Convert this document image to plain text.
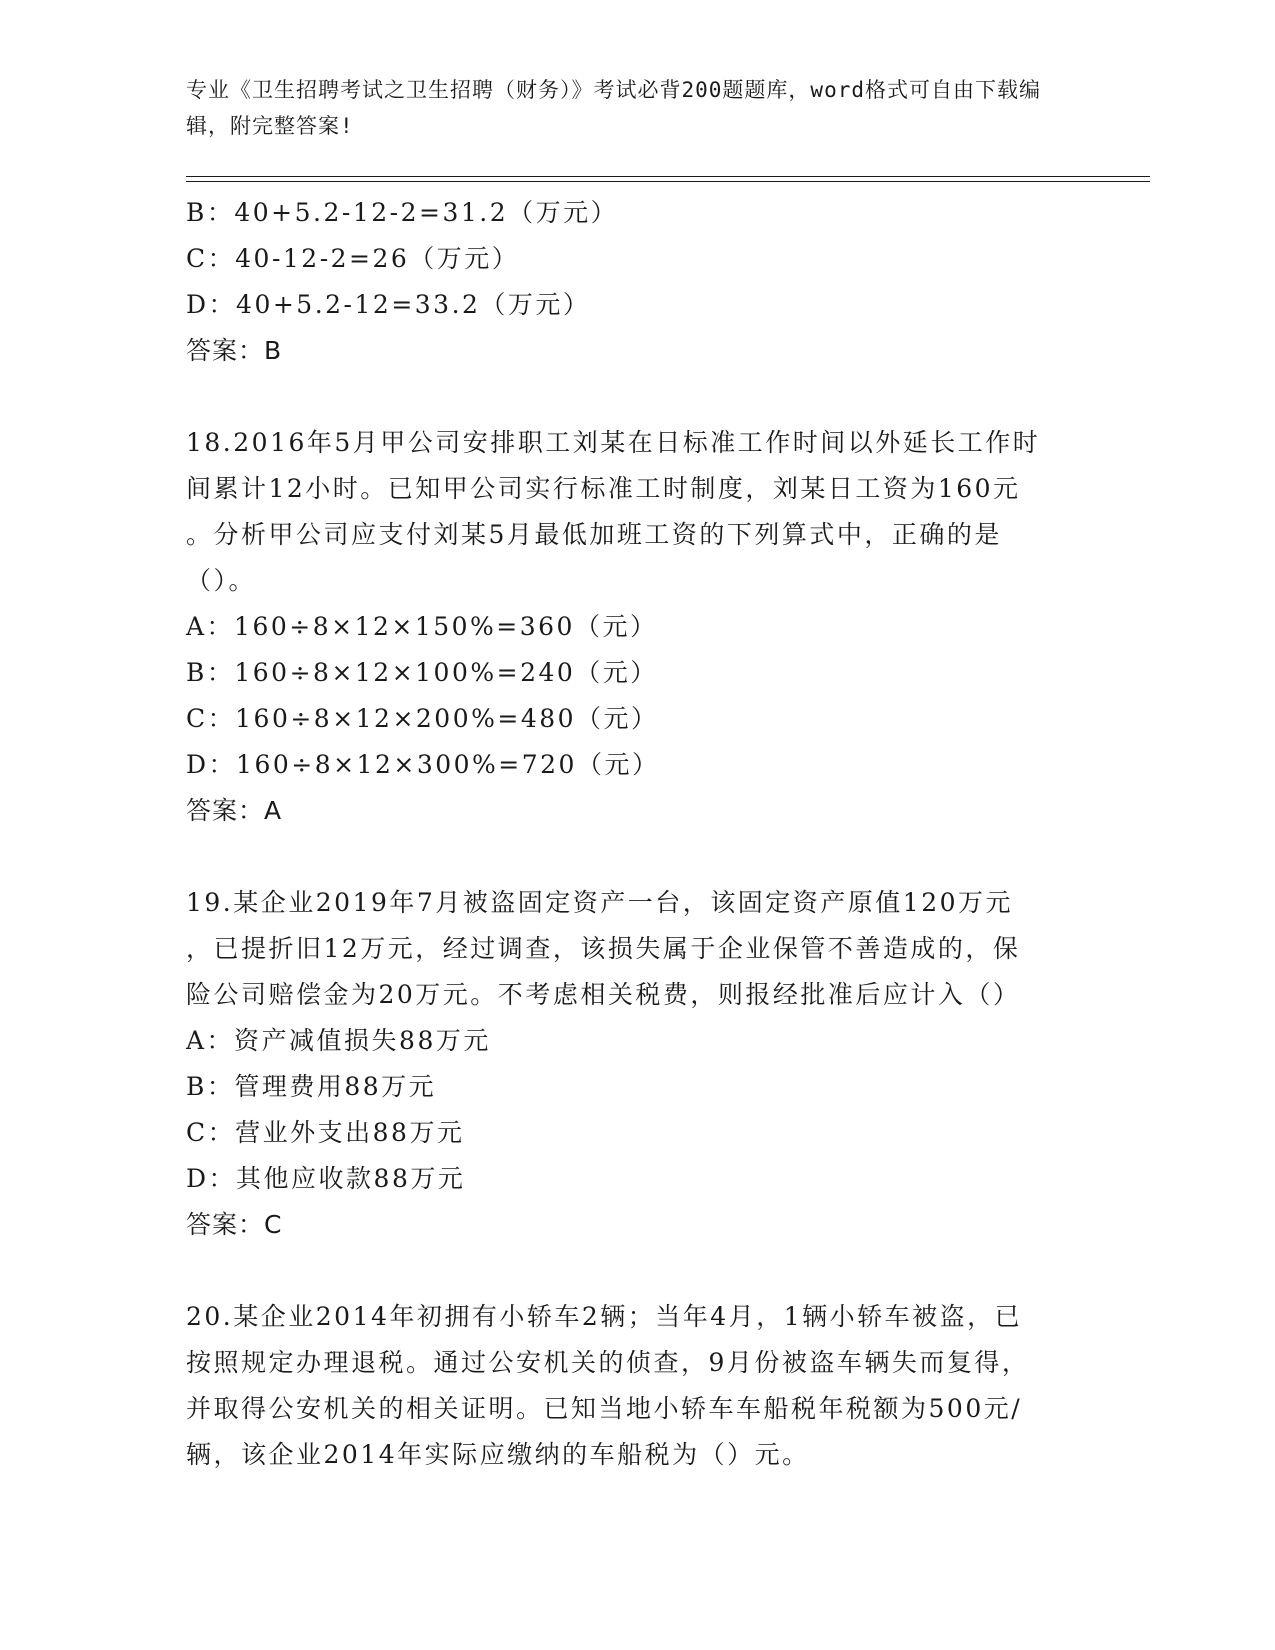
专业《卫生招聘考试之卫生招聘（财务）》考试必背200题题库，word格式可自由下载编辑，附完整答案!
B：40+5.2-12-2=31.2（万元）
C：40-12-2=26（万元）
D：40+5.2-12=33.2（万元）
答案：B
18.2016年5月甲公司安排职工刘某在日标准工作时间以外延长工作时
间累计12小时。已知甲公司实行标准工时制度，刘某日工资为160元
。分析甲公司应支付刘某5月最低加班工资的下列算式中，正确的是
（）。
A：160÷8×12×150%=360（元）
B：160÷8×12×100%=240（元）
C：160÷8×12×200%=480（元）
D：160÷8×12×300%=720（元）
答案：A
19.某企业2019年7月被盗固定资产一台，该固定资产原值120万元
，已提折旧12万元，经过调查，该损失属于企业保管不善造成的，保
险公司赔偿金为20万元。不考虑相关税费，则报经批准后应计入（）
A：资产减值损失88万元
B：管理费用88万元
C：营业外支出88万元
D：其他应收款88万元
答案：C
20.某企业2014年初拥有小轿车2辆；当年4月，1辆小轿车被盗，已
按照规定办理退税。通过公安机关的侦查，9月份被盗车辆失而复得，
并取得公安机关的相关证明。已知当地小轿车车船税年税额为500元/
辆，该企业2014年实际应缴纳的车船税为（）元。
